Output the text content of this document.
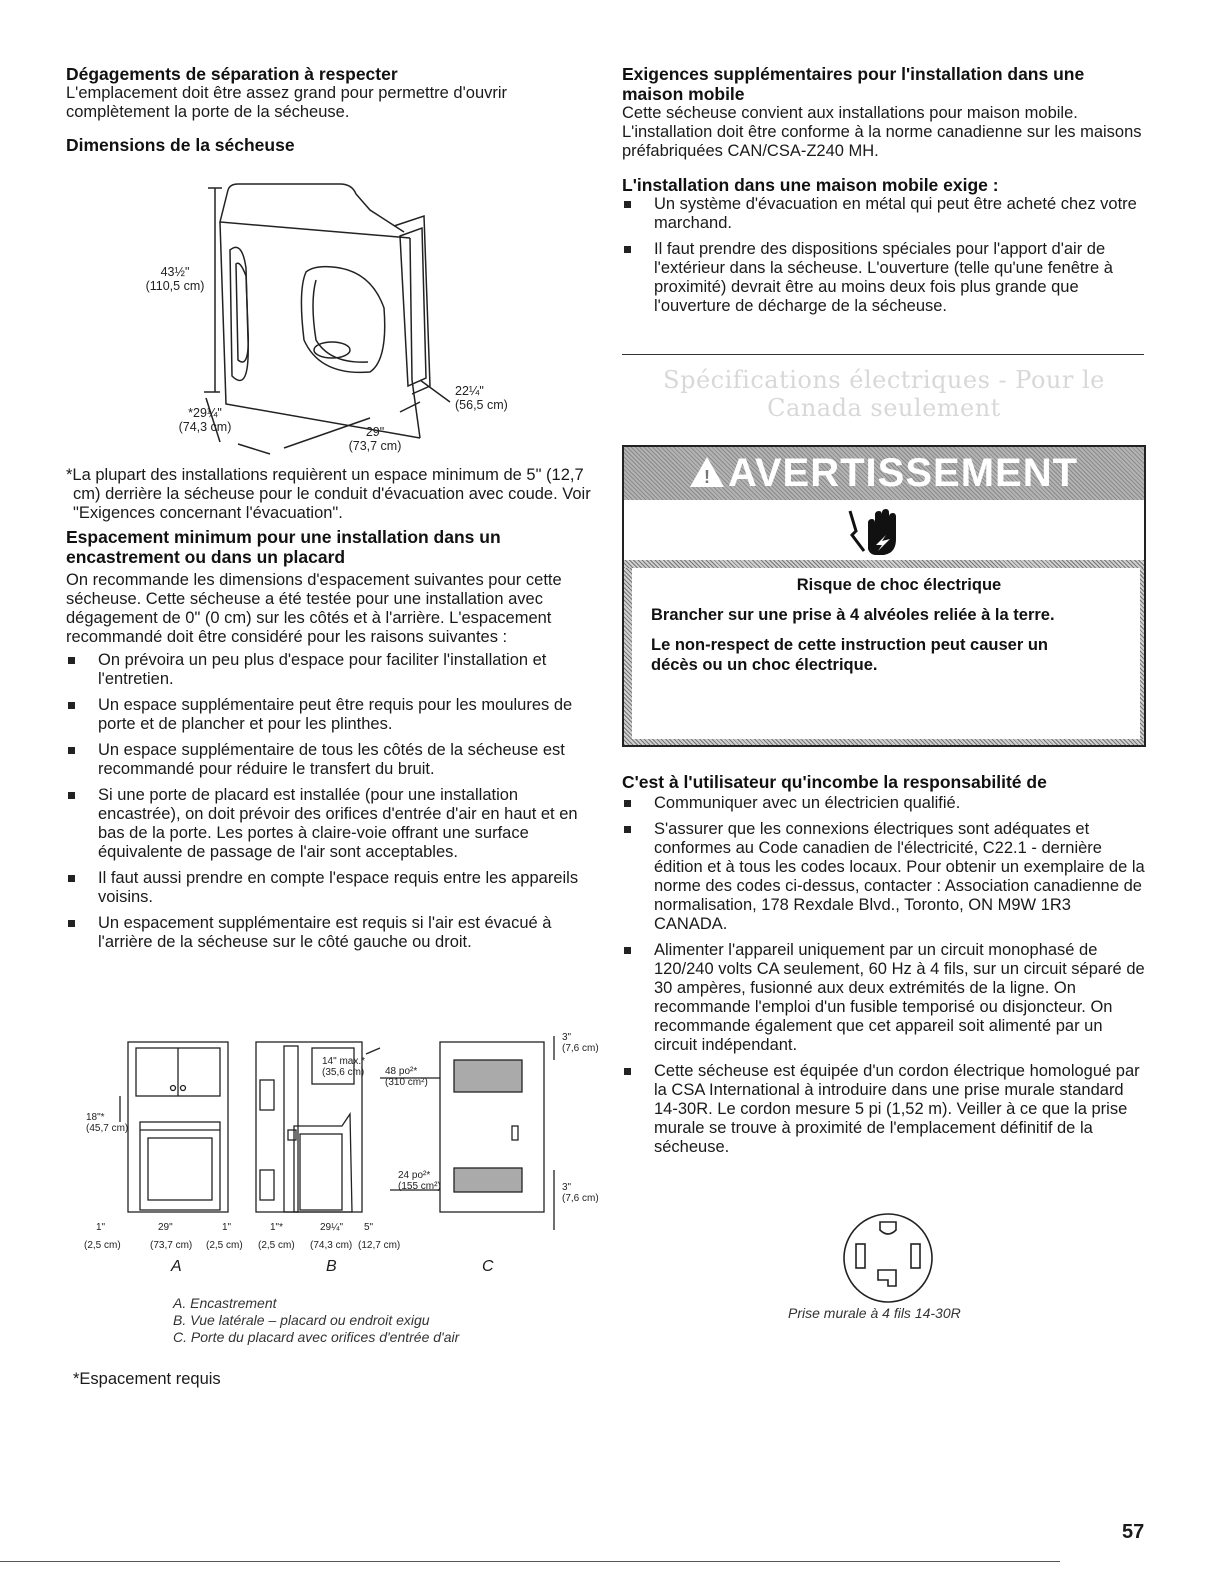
Dégagements de séparation à respecter

L'emplacement doit être assez grand pour permettre d'ouvrir complètement la porte de la sécheuse.

Dimensions de la sécheuse
43½"
(110,5 cm)
*29¼"
(74,3 cm)	29"
(73,7 cm)
22¼"
(56,5 cm)

*La plupart des installations requièrent un espace minimum de 5" (12,7 cm) derrière la sécheuse pour le conduit d'évacuation avec coude. Voir "Exigences concernant l'évacuation".

Espacement minimum pour une installation dans un encastrement ou dans un placard

On recommande les dimensions d'espacement suivantes pour cette sécheuse. Cette sécheuse a été testée pour une installation avec dégagement de 0" (0 cm) sur les côtés et à l'arrière. L'espacement recommandé doit être considéré pour les raisons suivantes :

On prévoira un peu plus d'espace pour faciliter l'installation et l'entretien.
Un espace supplémentaire peut être requis pour les moulures de porte et de plancher et pour les plinthes.
Un espace supplémentaire de tous les côtés de la sécheuse est recommandé pour réduire le transfert du bruit.
Si une porte de placard est installée (pour une installation encastrée), on doit prévoir des orifices d'entrée d'air en haut et en bas de la porte. Les portes à claire-voie offrant une surface équivalente de passage de l'air sont acceptables.
Il faut aussi prendre en compte l'espace requis entre les appareils voisins.
Un espacement supplémentaire est requis si l'air est évacué à l'arrière de la sécheuse sur le côté gauche ou droit.
18"*
(45,7 cm)
1"	29"	1"
(2,5 cm)	(73,7 cm) (2,5 cm)
14" max.*
(35,6 cm) 48 po²*
(310 cm²)
24 po²*
(155 cm²)
1"*	29¼" 5"
(2,5 cm) (74,3 cm) (12,7 cm)
3"
(7,6 cm)
3"
(7,6 cm)
A	B	C
A. Encastrement
B. Vue latérale – placard ou endroit exigu
C. Porte du placard avec orifices d'entrée d'air
*Espacement requis
Exigences supplémentaires pour l'installation dans une maison mobile

Cette sécheuse convient aux installations pour maison mobile. L'installation doit être conforme à la norme canadienne sur les maisons préfabriquées CAN/CSA-Z240 MH.

L'installation dans une maison mobile exige :
Un système d'évacuation en métal qui peut être acheté chez votre marchand.
Il faut prendre des dispositions spéciales pour l'apport d'air de l'extérieur dans la sécheuse. L'ouverture (telle qu'une fenêtre à proximité) devrait être au moins deux fois plus grande que l'ouverture de décharge de la sécheuse.
Spécifications électriques - Pour le Canada seulement
! AVERTISSEMENT
Risque de choc électrique
Brancher sur une prise à 4 alvéoles reliée à la terre.
Le non-respect de cette instruction peut causer un décès ou un choc électrique.
C'est à l'utilisateur qu'incombe la responsabilité de
Communiquer avec un électricien qualifié.
S'assurer que les connexions électriques sont adéquates et conformes au Code canadien de l'électricité, C22.1 - dernière édition et à tous les codes locaux. Pour obtenir un exemplaire de la norme des codes ci-dessus, contacter : Association canadienne de normalisation, 178 Rexdale Blvd., Toronto, ON M9W 1R3 CANADA.
Alimenter l'appareil uniquement par un circuit monophasé de 120/240 volts CA seulement, 60 Hz à 4 fils, sur un circuit séparé de 30 ampères, fusionné aux deux extrémités de la ligne. On recommande l'emploi d'un fusible temporisé ou disjoncteur. On recommande également que cet appareil soit alimenté par un circuit indépendant.
Cette sécheuse est équipée d'un cordon électrique homologué par la CSA International à introduire dans une prise murale standard 14-30R. Le cordon mesure 5 pi (1,52 m). Veiller à ce que la prise murale se trouve à proximité de l'emplacement définitif de la sécheuse.
Prise murale à 4 fils 14-30R
57
